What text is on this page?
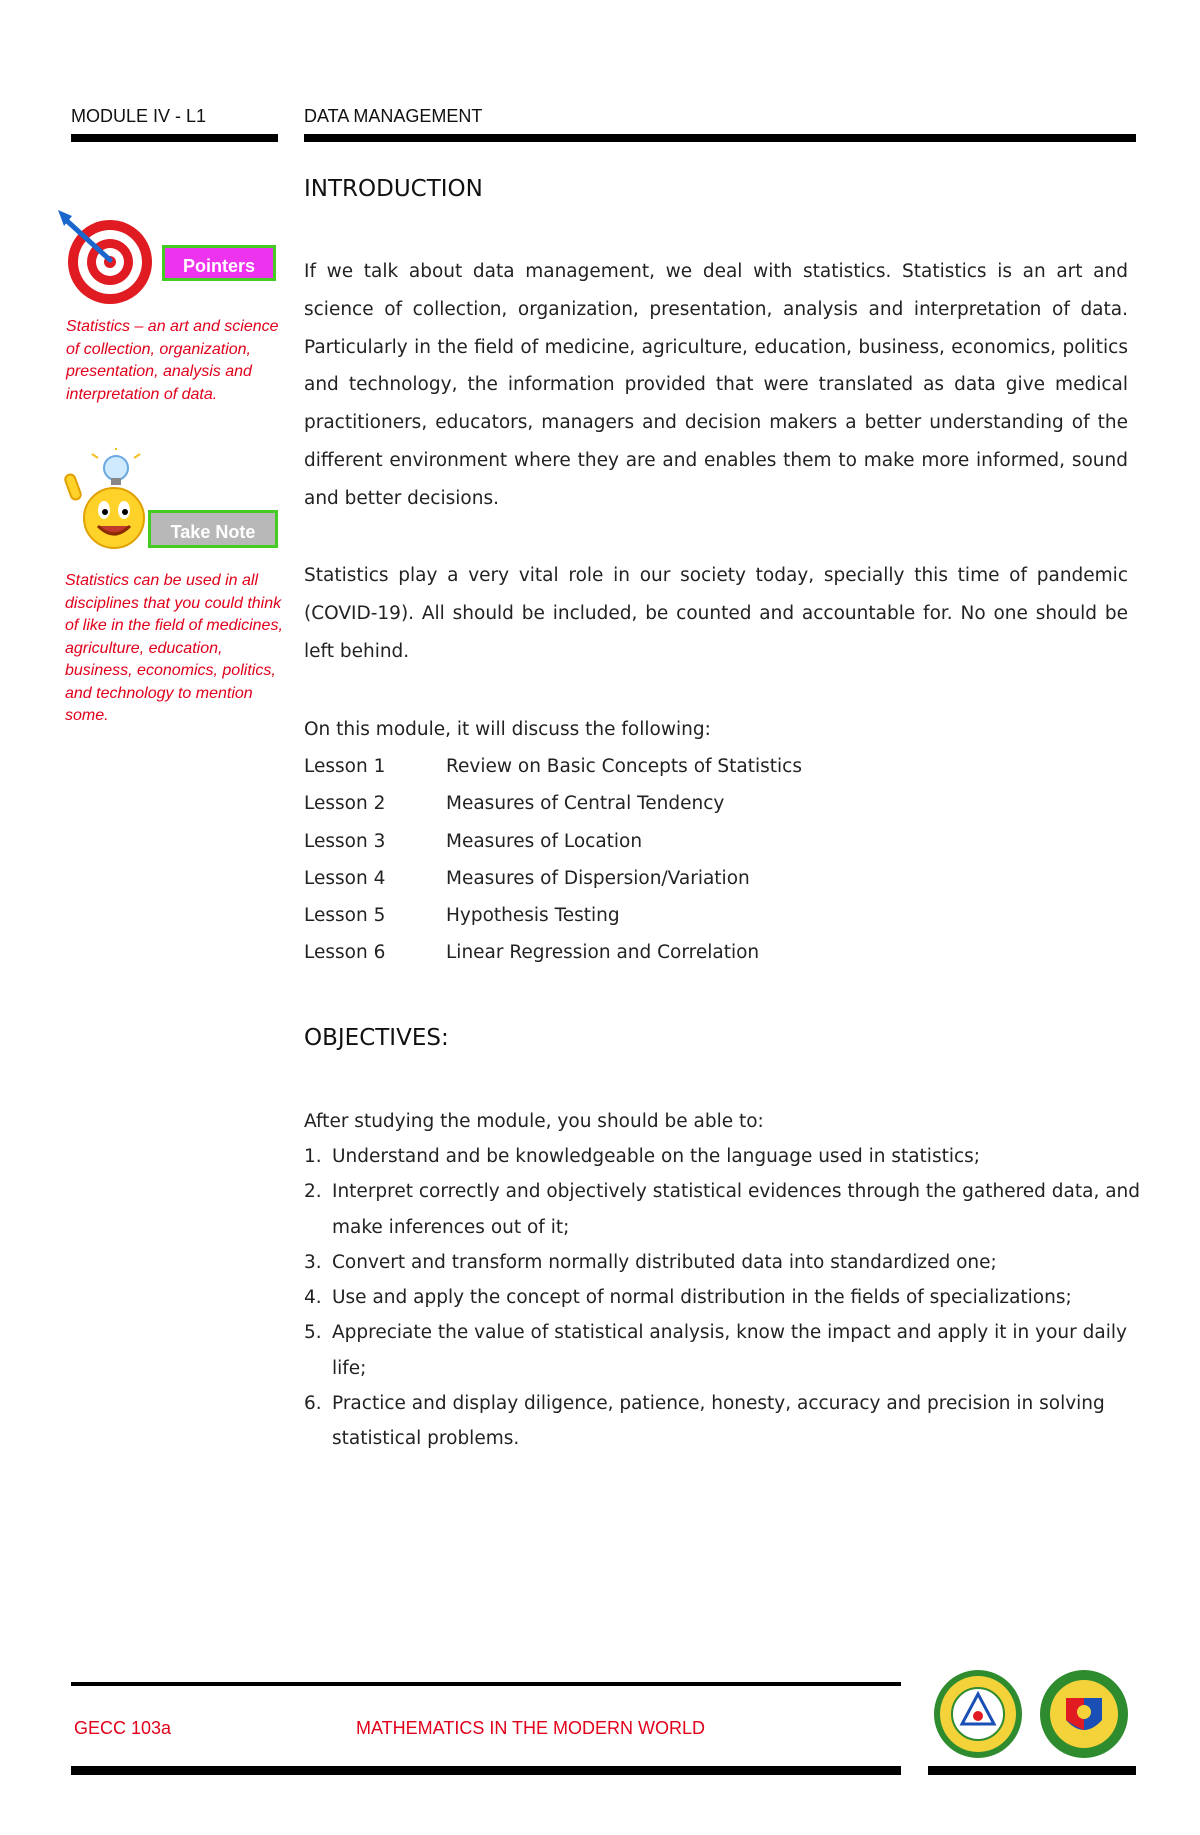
MODULE IV - L1	DATA MANAGEMENT
Pointers
Statistics – an art and science of collection, organization, presentation, analysis and interpretation of data.
Take Note
Statistics can be used in all disciplines that you could think of like in the field of medicines, agriculture, education, business, economics, politics, and technology to mention some.
INTRODUCTION

If we talk about data management, we deal with statistics. Statistics is an art and science of collection, organization, presentation, analysis and interpretation of data. Particularly in the field of medicine, agriculture, education, business, economics, politics and technology, the information provided that were translated as data give medical practitioners, educators, managers and decision makers a better understanding of the different environment where they are and enables them to make more informed, sound and better decisions.

Statistics play a very vital role in our society today, specially this time of pandemic (COVID-19). All should be included, be counted and accountable for. No one should be left behind.

On this module, it will discuss the following:
Lesson 1	Review on Basic Concepts of Statistics
Lesson 2	Measures of Central Tendency
Lesson 3	Measures of Location
Lesson 4	Measures of Dispersion/Variation
Lesson 5	Hypothesis Testing
Lesson 6	Linear Regression and Correlation
OBJECTIVES:
After studying the module, you should be able to:
1. Understand and be knowledgeable on the language used in statistics;
2. Interpret correctly and objectively statistical evidences through the gathered data, and make inferences out of it;
3. Convert and transform normally distributed data into standardized one;
4. Use and apply the concept of normal distribution in the fields of specializations;
5. Appreciate the value of statistical analysis, know the impact and apply it in your daily life;
6. Practice and display diligence, patience, honesty, accuracy and precision in solving statistical problems.
GECC 103a	MATHEMATICS IN THE MODERN WORLD
